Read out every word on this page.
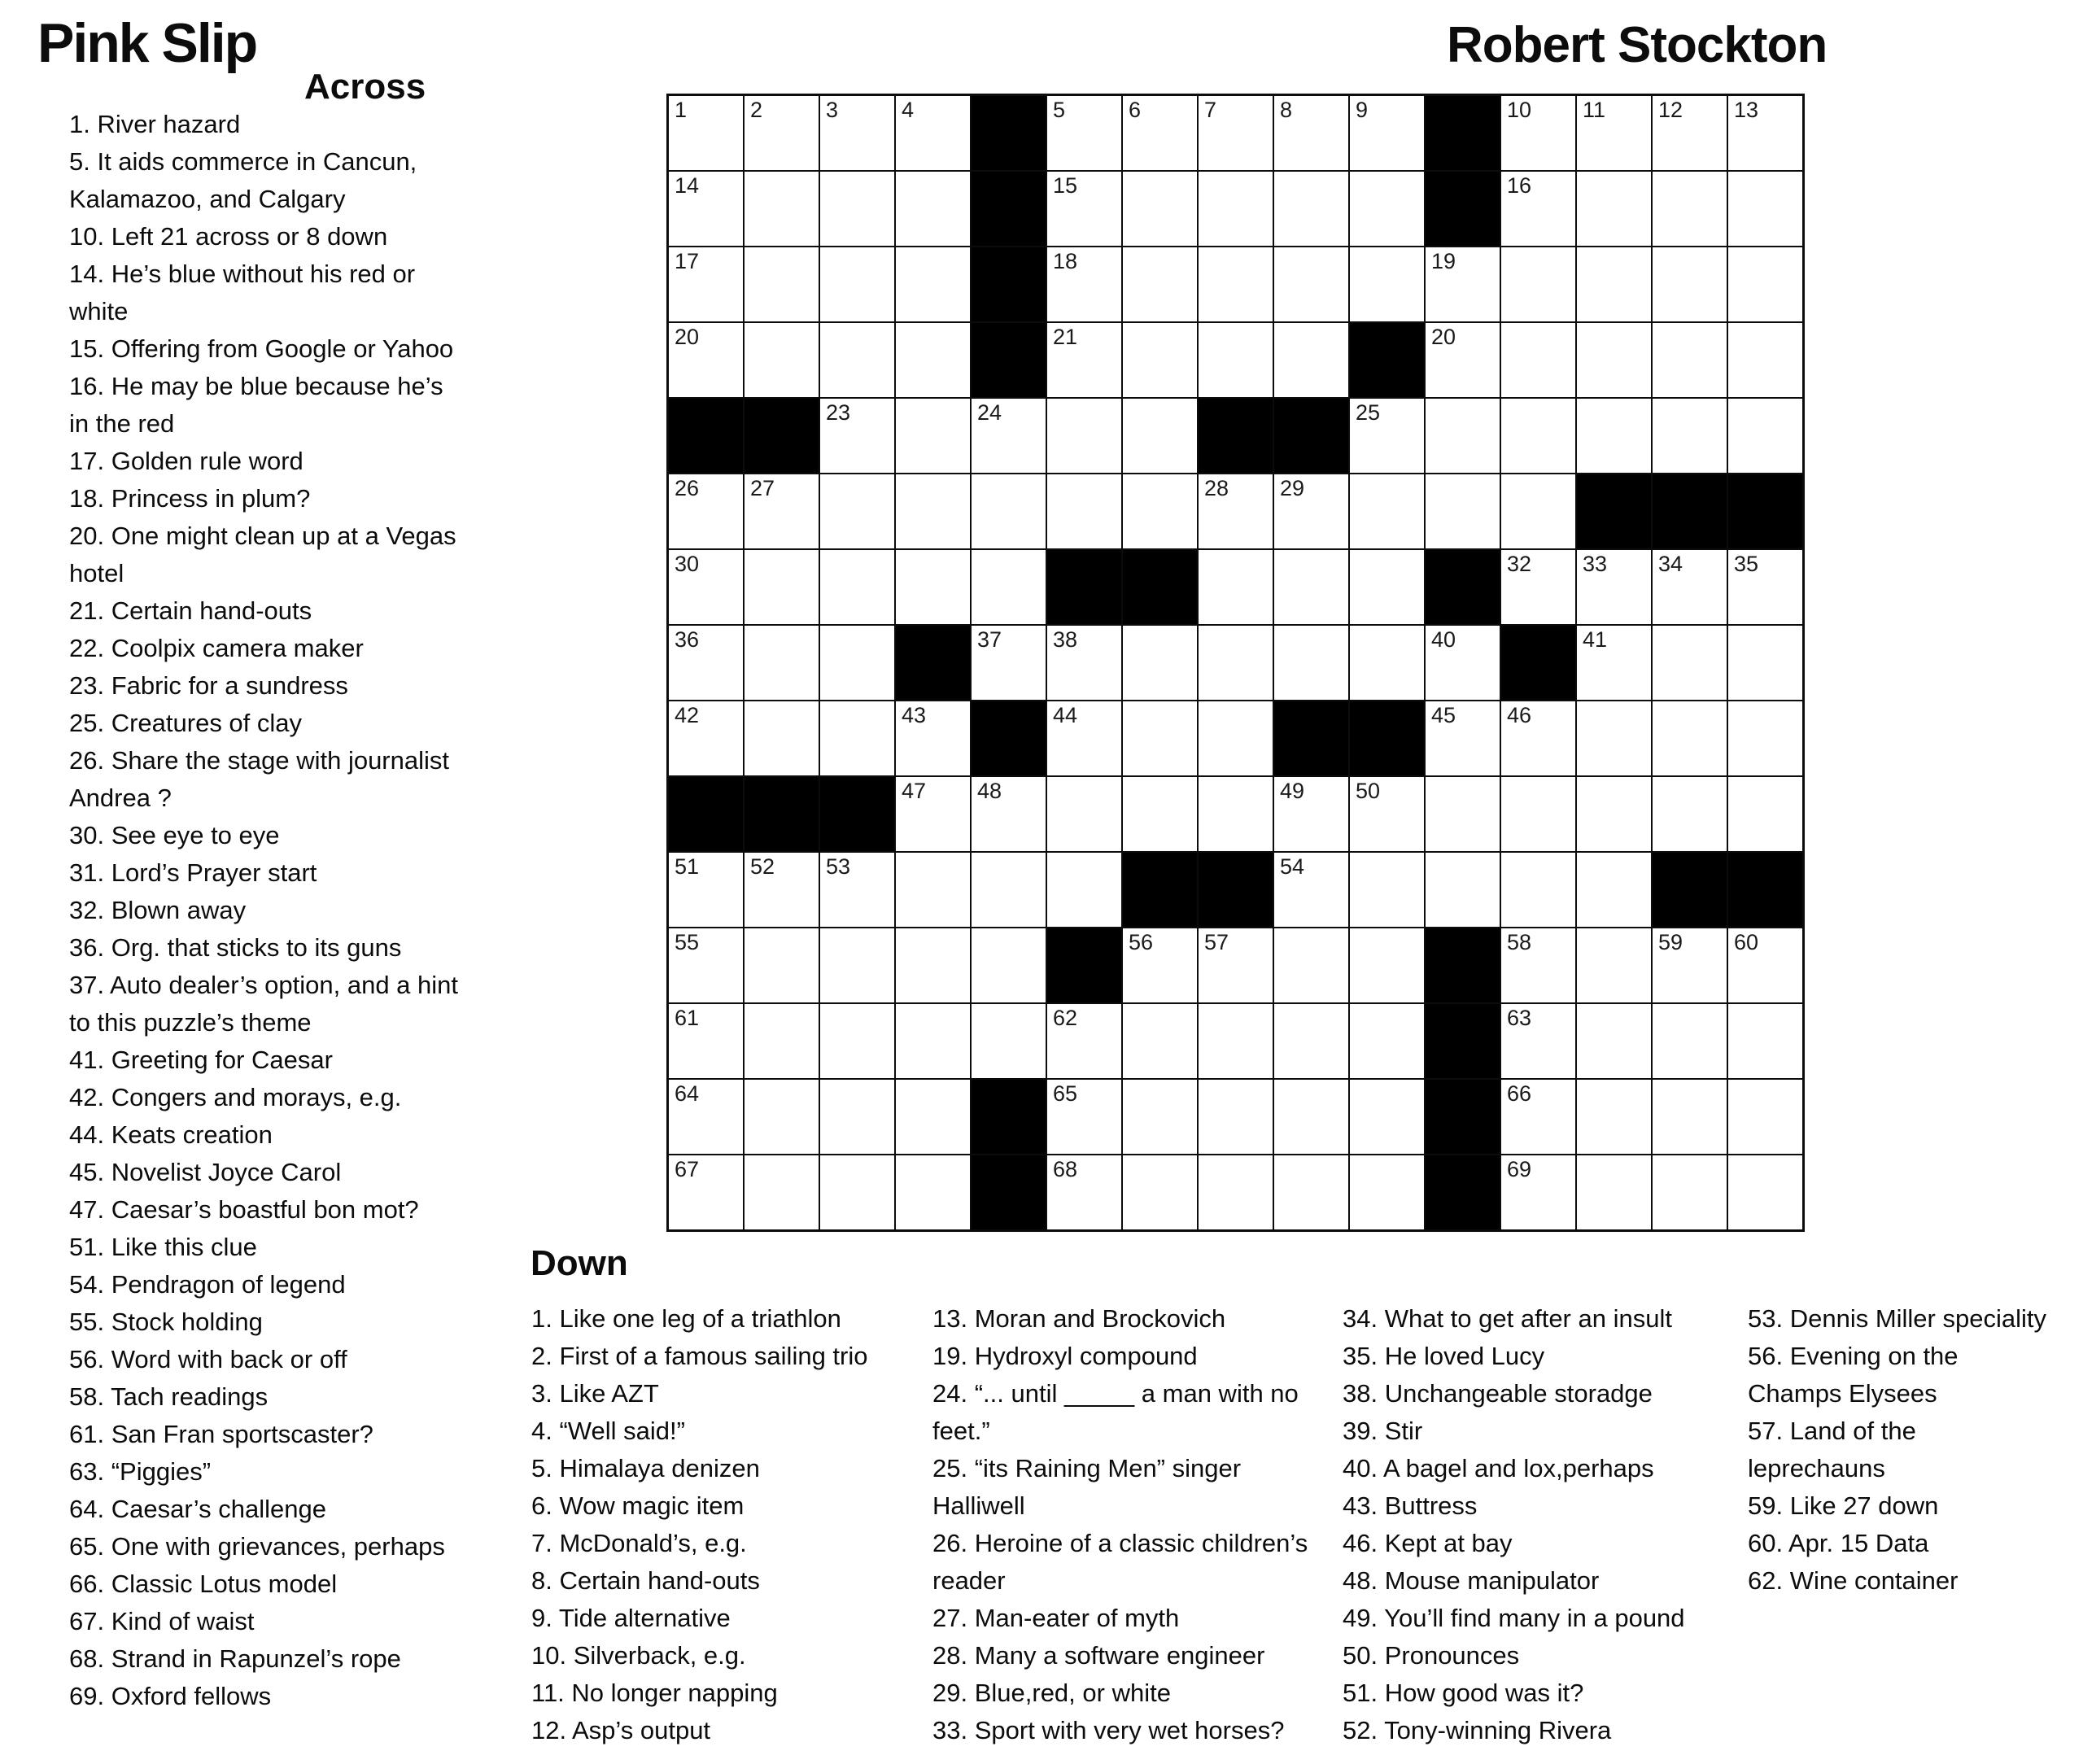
Pink Slip	Robert Stockton
Across
1. River hazard
5. It aids commerce in Cancun, Kalamazoo, and Calgary
10. Left 21 across or 8 down
14. He’s blue without his red or white
15. Offering from Google or Yahoo
16. He may be blue because he’s in the red
17. Golden rule word
18. Princess in plum?
20. One might clean up at a Vegas hotel
21. Certain hand-outs
22. Coolpix camera maker
23. Fabric for a sundress
25. Creatures of clay
26. Share the stage with journalist Andrea ?
30. See eye to eye
31. Lord’s Prayer start
32. Blown away
36. Org. that sticks to its guns
37. Auto dealer’s option, and a hint to this puzzle’s theme
41. Greeting for Caesar
42. Congers and morays, e.g.
44. Keats creation
45. Novelist Joyce Carol
47. Caesar’s boastful bon mot?
51. Like this clue
54. Pendragon of legend
55. Stock holding
56. Word with back or off
58. Tach readings
61. San Fran sportscaster?
63. “Piggies”
64. Caesar’s challenge
65. One with grievances, perhaps
66. Classic Lotus model
67. Kind of waist
68. Strand in Rapunzel’s rope
69. Oxford fellows
1	2	3	4	5	6	7	8	9	10 11 12 13
14	15	16
17	18	19
20	21	20
23	24	25
26 27	28 29
30	32 33 34 35
36	37 38	40	41
42	43	44	45 46
47 48	49 50
51 52 53	54
55	56 57	58	59 60
61	62	63
64	65	66
67	68	69
Down
1. Like one leg of a triathlon
2. First of a famous sailing trio
3. Like AZT
4. “Well said!”
5. Himalaya denizen
6. Wow magic item
7. McDonald’s, e.g.
8. Certain hand-outs
9. Tide alternative
10. Silverback, e.g.
11. No longer napping
12. Asp’s output
13. Moran and Brockovich
19. Hydroxyl compound
24. “... until _____ a man with no feet.”
25. “its Raining Men” singer Halliwell
26. Heroine of a classic children’s reader
27. Man-eater of myth
28. Many a software engineer
29. Blue,red, or white
33. Sport with very wet horses?
34. What to get after an insult
35. He loved Lucy
38. Unchangeable storadge
39. Stir
40. A bagel and lox,perhaps
43. Buttress
46. Kept at bay
48. Mouse manipulator
49. You’ll find many in a pound
50. Pronounces
51. How good was it?
52. Tony-winning Rivera
53. Dennis Miller speciality
56. Evening on the Champs Elysees
57. Land of the leprechauns
59. Like 27 down
60. Apr. 15 Data
62. Wine container
